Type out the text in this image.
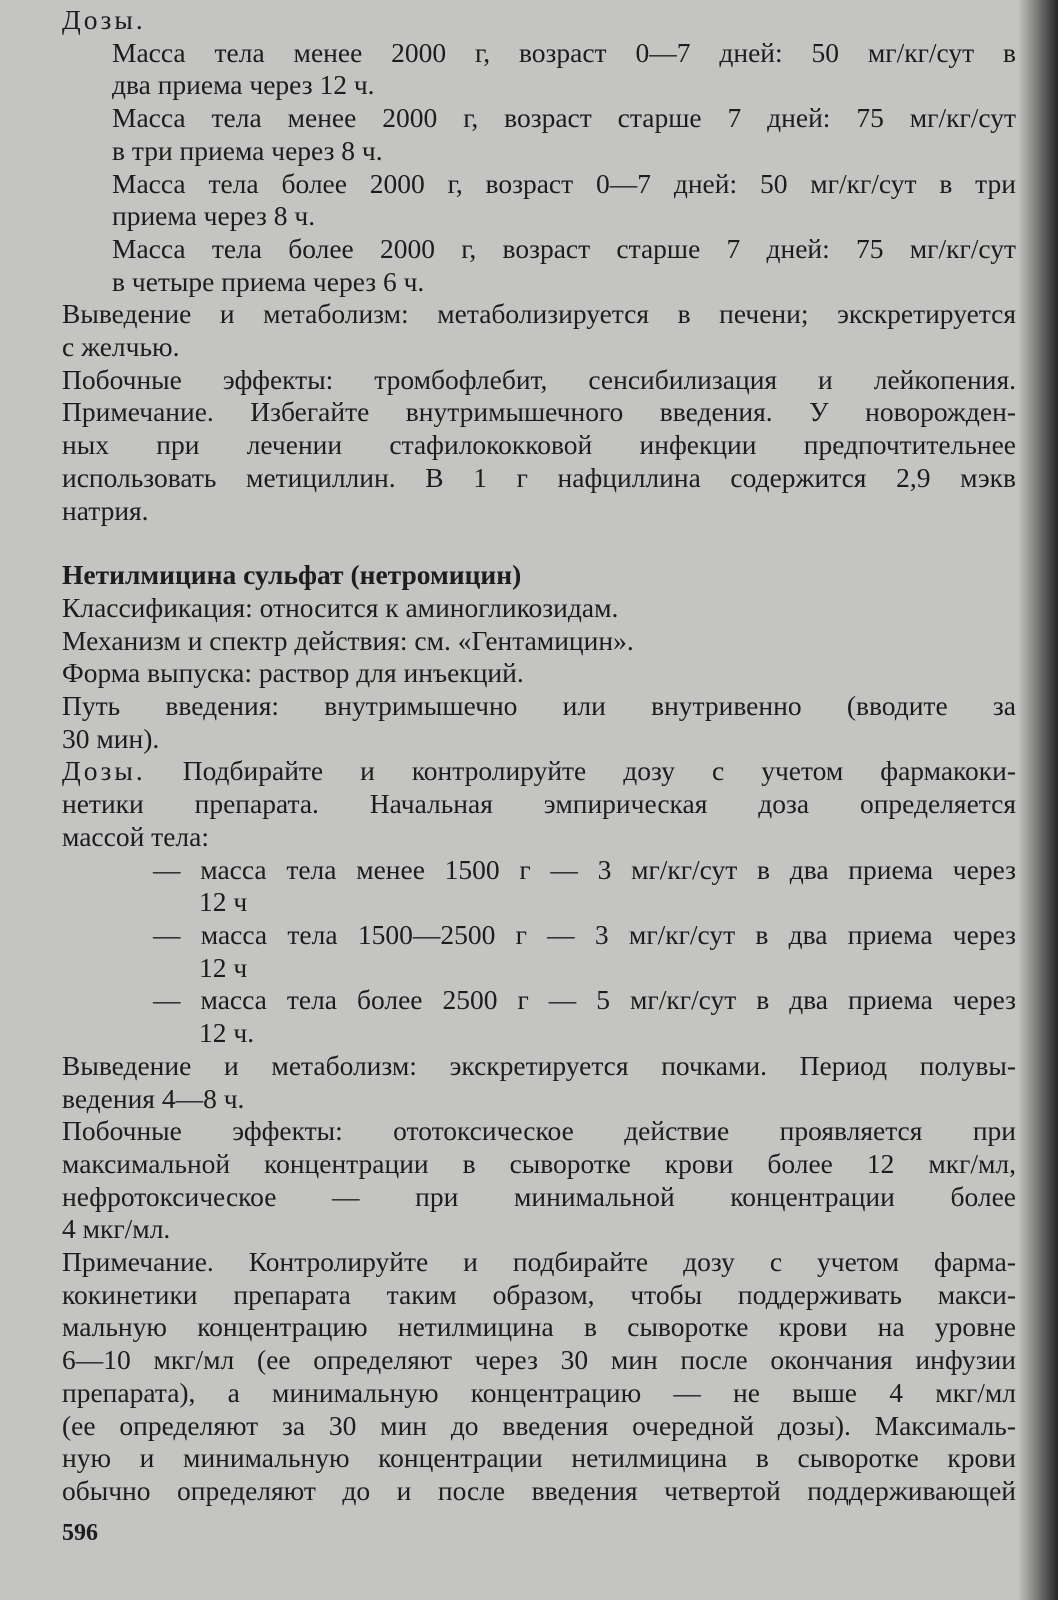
Дозы.
Масса тела менее 2000 г, возраст 0—7 дней: 50 мг/кг/сут в
два приема через 12 ч.
Масса тела менее 2000 г, возраст старше 7 дней: 75 мг/кг/сут
в три приема через 8 ч.
Масса тела более 2000 г, возраст 0—7 дней: 50 мг/кг/сут в три
приема через 8 ч.
Масса тела более 2000 г, возраст старше 7 дней: 75 мг/кг/сут
в четыре приема через 6 ч.
Выведение и метаболизм: метаболизируется в печени; экскретируется
с желчью.
Побочные эффекты: тромбофлебит, сенсибилизация и лейкопения.
Примечание. Избегайте внутримышечного введения. У новорожден-
ных при лечении стафилококковой инфекции предпочтительнее
использовать метициллин. В 1 г нафциллина содержится 2,9 мэкв
натрия.
Нетилмицина сульфат (нетромицин)
Классификация: относится к аминогликозидам.
Механизм и спектр действия: см. «Гентамицин».
Форма выпуска: раствор для инъекций.
Путь введения: внутримышечно или внутривенно (вводите за
30 мин).
Дозы. Подбирайте и контролируйте дозу с учетом фармакоки-
нетики препарата. Начальная эмпирическая доза определяется
массой тела:
— масса тела менее 1500 г — 3 мг/кг/сут в два приема через
12 ч
— масса тела 1500—2500 г — 3 мг/кг/сут в два приема через
12 ч
— масса тела более 2500 г — 5 мг/кг/сут в два приема через
12 ч.
Выведение и метаболизм: экскретируется почками. Период полувы-
ведения 4—8 ч.
Побочные эффекты: ототоксическое действие проявляется при
максимальной концентрации в сыворотке крови более 12 мкг/мл,
нефротоксическое — при минимальной концентрации более
4 мкг/мл.
Примечание. Контролируйте и подбирайте дозу с учетом фарма-
кокинетики препарата таким образом, чтобы поддерживать макси-
мальную концентрацию нетилмицина в сыворотке крови на уровне
6—10 мкг/мл (ее определяют через 30 мин после окончания инфузии
препарата), а минимальную концентрацию — не выше 4 мкг/мл
(ее определяют за 30 мин до введения очередной дозы). Максималь-
ную и минимальную концентрации нетилмицина в сыворотке крови
обычно определяют до и после введения четвертой поддерживающей
596
